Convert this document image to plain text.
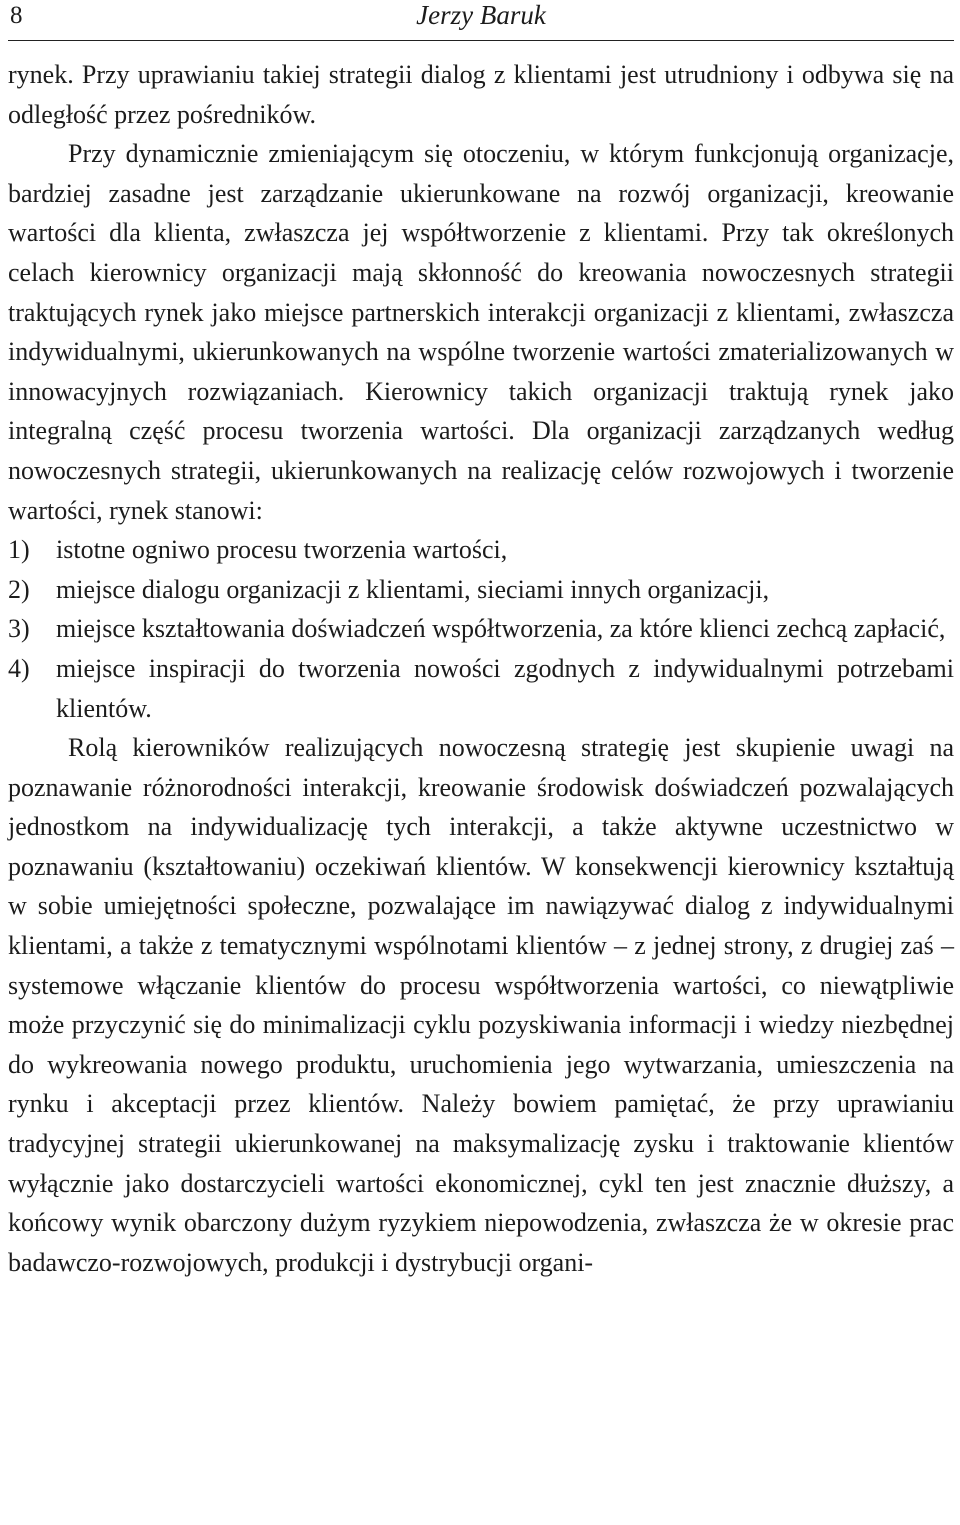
8	Jerzy Baruk

rynek. Przy uprawianiu takiej strategii dialog z klientami jest utrudniony i odbywa się na odległość przez pośredników.

Przy dynamicznie zmieniającym się otoczeniu, w którym funkcjonują organizacje, bardziej zasadne jest zarządzanie ukierunkowane na rozwój organizacji, kreowanie wartości dla klienta, zwłaszcza jej współtworzenie z klientami. Przy tak określonych celach kierownicy organizacji mają skłonność do kreowania nowoczesnych strategii traktujących rynek jako miejsce partnerskich interakcji organizacji z klientami, zwłaszcza indywidualnymi, ukierunkowanych na wspólne tworzenie wartości zmaterializowanych w innowacyjnych rozwiązaniach. Kierownicy takich organizacji traktują rynek jako integralną część procesu tworzenia wartości. Dla organizacji zarządzanych według nowoczesnych strategii, ukierunkowanych na realizację celów rozwojowych i tworzenie wartości, rynek stanowi:

1) istotne ogniwo procesu tworzenia wartości,
2) miejsce dialogu organizacji z klientami, sieciami innych organizacji,
3) miejsce kształtowania doświadczeń współtworzenia, za które klienci zechcą zapłacić,
4) miejsce inspiracji do tworzenia nowości zgodnych z indywidualnymi potrzebami klientów.

Rolą kierowników realizujących nowoczesną strategię jest skupienie uwagi na poznawanie różnorodności interakcji, kreowanie środowisk doświadczeń pozwalających jednostkom na indywidualizację tych interakcji, a także aktywne uczestnictwo w poznawaniu (kształtowaniu) oczekiwań klientów. W konsekwencji kierownicy kształtują w sobie umiejętności społeczne, pozwalające im nawiązywać dialog z indywidualnymi klientami, a także z tematycznymi wspólnotami klientów – z jednej strony, z drugiej zaś – systemowe włączanie klientów do procesu współtworzenia wartości, co niewątpliwie może przyczynić się do minimalizacji cyklu pozyskiwania informacji i wiedzy niezbędnej do wykreowania nowego produktu, uruchomienia jego wytwarzania, umieszczenia na rynku i akceptacji przez klientów. Należy bowiem pamiętać, że przy uprawianiu tradycyjnej strategii ukierunkowanej na maksymalizację zysku i traktowanie klientów wyłącznie jako dostarczycieli wartości ekonomicznej, cykl ten jest znacznie dłuższy, a końcowy wynik obarczony dużym ryzykiem niepowodzenia, zwłaszcza że w okresie prac badawczo-rozwojowych, produkcji i dystrybucji organi-
